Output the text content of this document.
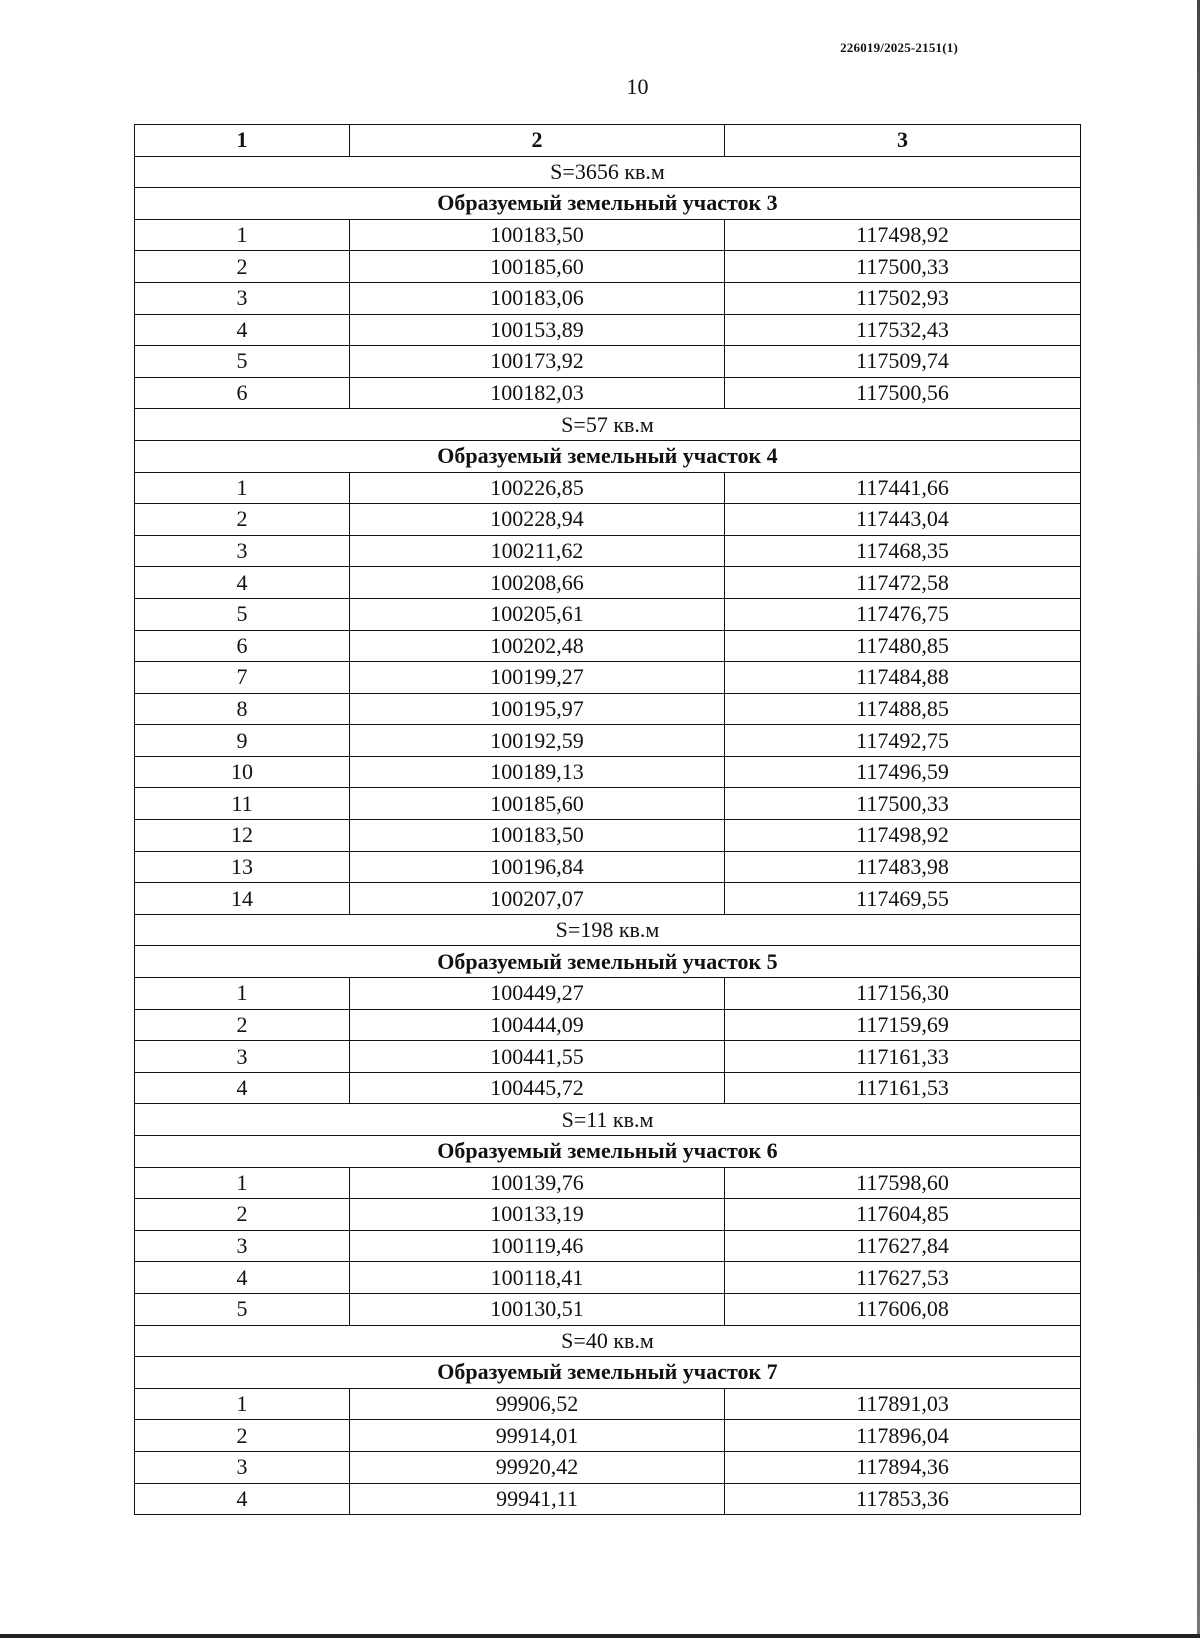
226019/2025-2151(1)
10
1	2	3
S=3656 кв.м		
Образуемый земельный участок 3		
1	100183,50	117498,92
2	100185,60	117500,33
3	100183,06	117502,93
4	100153,89	117532,43
5	100173,92	117509,74
6	100182,03	117500,56
S=57 кв.м		
Образуемый земельный участок 4		
1	100226,85	117441,66
2	100228,94	117443,04
3	100211,62	117468,35
4	100208,66	117472,58
5	100205,61	117476,75
6	100202,48	117480,85
7	100199,27	117484,88
8	100195,97	117488,85
9	100192,59	117492,75
10	100189,13	117496,59
11	100185,60	117500,33
12	100183,50	117498,92
13	100196,84	117483,98
14	100207,07	117469,55
S=198 кв.м		
Образуемый земельный участок 5		
1	100449,27	117156,30
2	100444,09	117159,69
3	100441,55	117161,33
4	100445,72	117161,53
S=11 кв.м		
Образуемый земельный участок 6		
1	100139,76	117598,60
2	100133,19	117604,85
3	100119,46	117627,84
4	100118,41	117627,53
5	100130,51	117606,08
S=40 кв.м		
Образуемый земельный участок 7		
1	99906,52	117891,03
2	99914,01	117896,04
3	99920,42	117894,36
4	99941,11	117853,36
